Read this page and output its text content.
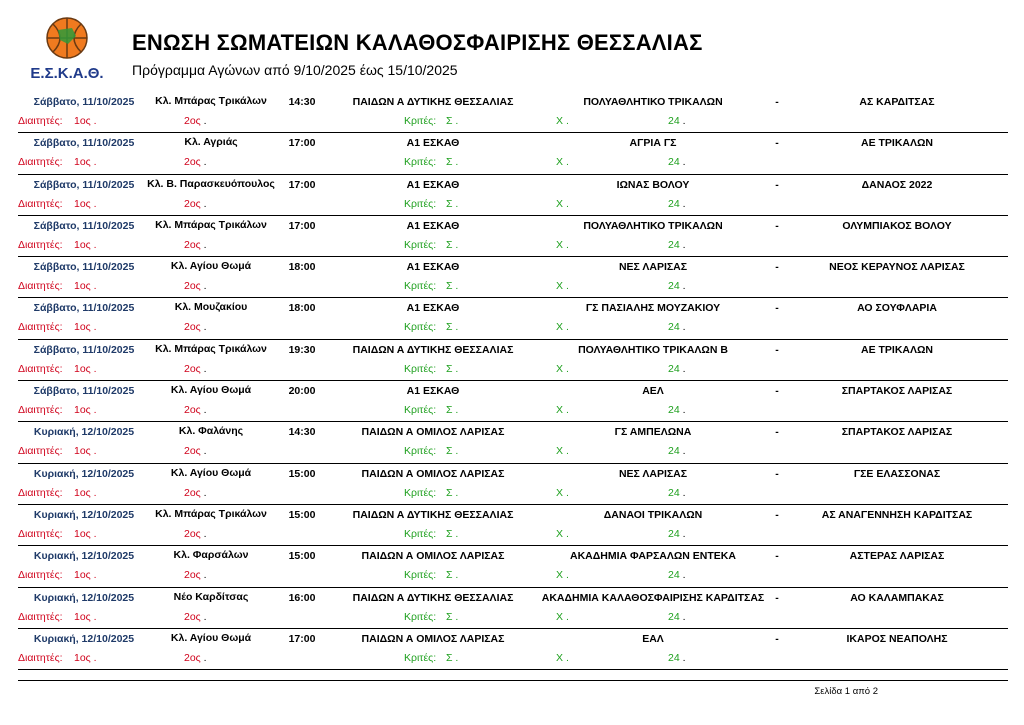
Ε.Σ.Κ.Α.Θ.
ΕΝΩΣΗ ΣΩΜΑΤΕΙΩΝ ΚΑΛΑΘΟΣΦΑΙΡΙΣΗΣ ΘΕΣΣΑΛΙΑΣ
Πρόγραμμα Αγώνων από 9/10/2025 έως 15/10/2025
Σάββατο, 11/10/2025	Κλ. Μπάρας Τρικάλων	14:30	ΠΑΙΔΩΝ Α ΔΥΤΙΚΗΣ ΘΕΣΣΑΛΙΑΣ	ΠΟΛΥΑΘΛΗΤΙΚΟ ΤΡΙΚΑΛΩΝ	-	ΑΣ ΚΑΡΔΙΤΣΑΣ
Διαιτητές: 1ος .	2ος .	Κριτές: Σ .	Χ .	24 .
Σάββατο, 11/10/2025	Κλ. Αγριάς	17:00	Α1 ΕΣΚΑΘ	ΑΓΡΙΑ ΓΣ	-	ΑΕ ΤΡΙΚΑΛΩΝ
Διαιτητές: 1ος .	2ος .	Κριτές: Σ .	Χ .	24 .
Σάββατο, 11/10/2025	Κλ. Β. Παρασκευόπουλος	17:00	Α1 ΕΣΚΑΘ	ΙΩΝΑΣ ΒΟΛΟΥ	-	ΔΑΝΑΟΣ 2022
Διαιτητές: 1ος .	2ος .	Κριτές: Σ .	Χ .	24 .
Σάββατο, 11/10/2025	Κλ. Μπάρας Τρικάλων	17:00	Α1 ΕΣΚΑΘ	ΠΟΛΥΑΘΛΗΤΙΚΟ ΤΡΙΚΑΛΩΝ	-	ΟΛΥΜΠΙΑΚΟΣ ΒΟΛΟΥ
Διαιτητές: 1ος .	2ος .	Κριτές: Σ .	Χ .	24 .
Σάββατο, 11/10/2025	Κλ. Αγίου Θωμά	18:00	Α1 ΕΣΚΑΘ	ΝΕΣ ΛΑΡΙΣΑΣ	-	ΝΕΟΣ ΚΕΡΑΥΝΟΣ ΛΑΡΙΣΑΣ
Διαιτητές: 1ος .	2ος .	Κριτές: Σ .	Χ .	24 .
Σάββατο, 11/10/2025	Κλ. Μουζακίου	18:00	Α1 ΕΣΚΑΘ	ΓΣ ΠΑΣΙΑΛΗΣ ΜΟΥΖΑΚΙΟΥ	-	ΑΟ ΣΟΥΦΛΑΡΙΑ
Διαιτητές: 1ος .	2ος .	Κριτές: Σ .	Χ .	24 .
Σάββατο, 11/10/2025	Κλ. Μπάρας Τρικάλων	19:30	ΠΑΙΔΩΝ Α ΔΥΤΙΚΗΣ ΘΕΣΣΑΛΙΑΣ	ΠΟΛΥΑΘΛΗΤΙΚΟ ΤΡΙΚΑΛΩΝ Β	-	ΑΕ ΤΡΙΚΑΛΩΝ
Διαιτητές: 1ος .	2ος .	Κριτές: Σ .	Χ .	24 .
Σάββατο, 11/10/2025	Κλ. Αγίου Θωμά	20:00	Α1 ΕΣΚΑΘ	ΑΕΛ	-	ΣΠΑΡΤΑΚΟΣ ΛΑΡΙΣΑΣ
Διαιτητές: 1ος .	2ος .	Κριτές: Σ .	Χ .	24 .
Κυριακή, 12/10/2025	Κλ. Φαλάνης	14:30	ΠΑΙΔΩΝ Α ΟΜΙΛΟΣ ΛΑΡΙΣΑΣ	ΓΣ ΑΜΠΕΛΩΝΑ	-	ΣΠΑΡΤΑΚΟΣ ΛΑΡΙΣΑΣ
Διαιτητές: 1ος .	2ος .	Κριτές: Σ .	Χ .	24 .
Κυριακή, 12/10/2025	Κλ. Αγίου Θωμά	15:00	ΠΑΙΔΩΝ Α ΟΜΙΛΟΣ ΛΑΡΙΣΑΣ	ΝΕΣ ΛΑΡΙΣΑΣ	-	ΓΣΕ ΕΛΑΣΣΟΝΑΣ
Διαιτητές: 1ος .	2ος .	Κριτές: Σ .	Χ .	24 .
Κυριακή, 12/10/2025	Κλ. Μπάρας Τρικάλων	15:00	ΠΑΙΔΩΝ Α ΔΥΤΙΚΗΣ ΘΕΣΣΑΛΙΑΣ	ΔΑΝΑΟΙ ΤΡΙΚΑΛΩΝ	-	ΑΣ ΑΝΑΓΕΝΝΗΣΗ ΚΑΡΔΙΤΣΑΣ
Διαιτητές: 1ος .	2ος .	Κριτές: Σ .	Χ .	24 .
Κυριακή, 12/10/2025	Κλ. Φαρσάλων	15:00	ΠΑΙΔΩΝ Α ΟΜΙΛΟΣ ΛΑΡΙΣΑΣ	ΑΚΑΔΗΜΙΑ ΦΑΡΣΑΛΩΝ ΕΝΤΕΚΑ	-	ΑΣΤΕΡΑΣ ΛΑΡΙΣΑΣ
Διαιτητές: 1ος .	2ος .	Κριτές: Σ .	Χ .	24 .
Κυριακή, 12/10/2025	Νέο Καρδίτσας	16:00	ΠΑΙΔΩΝ Α ΔΥΤΙΚΗΣ ΘΕΣΣΑΛΙΑΣ	ΑΚΑΔΗΜΙΑ ΚΑΛΑΘΟΣΦΑΙΡΙΣΗΣ ΚΑΡΔΙΤΣΑΣ	-	ΑΟ ΚΑΛΑΜΠΑΚΑΣ
Διαιτητές: 1ος .	2ος .	Κριτές: Σ .	Χ .	24 .
Κυριακή, 12/10/2025	Κλ. Αγίου Θωμά	17:00	ΠΑΙΔΩΝ Α ΟΜΙΛΟΣ ΛΑΡΙΣΑΣ	ΕΑΛ	-	ΙΚΑΡΟΣ ΝΕΑΠΟΛΗΣ
Διαιτητές: 1ος .	2ος .	Κριτές: Σ .	Χ .	24 .
Σελίδα 1 από 2
